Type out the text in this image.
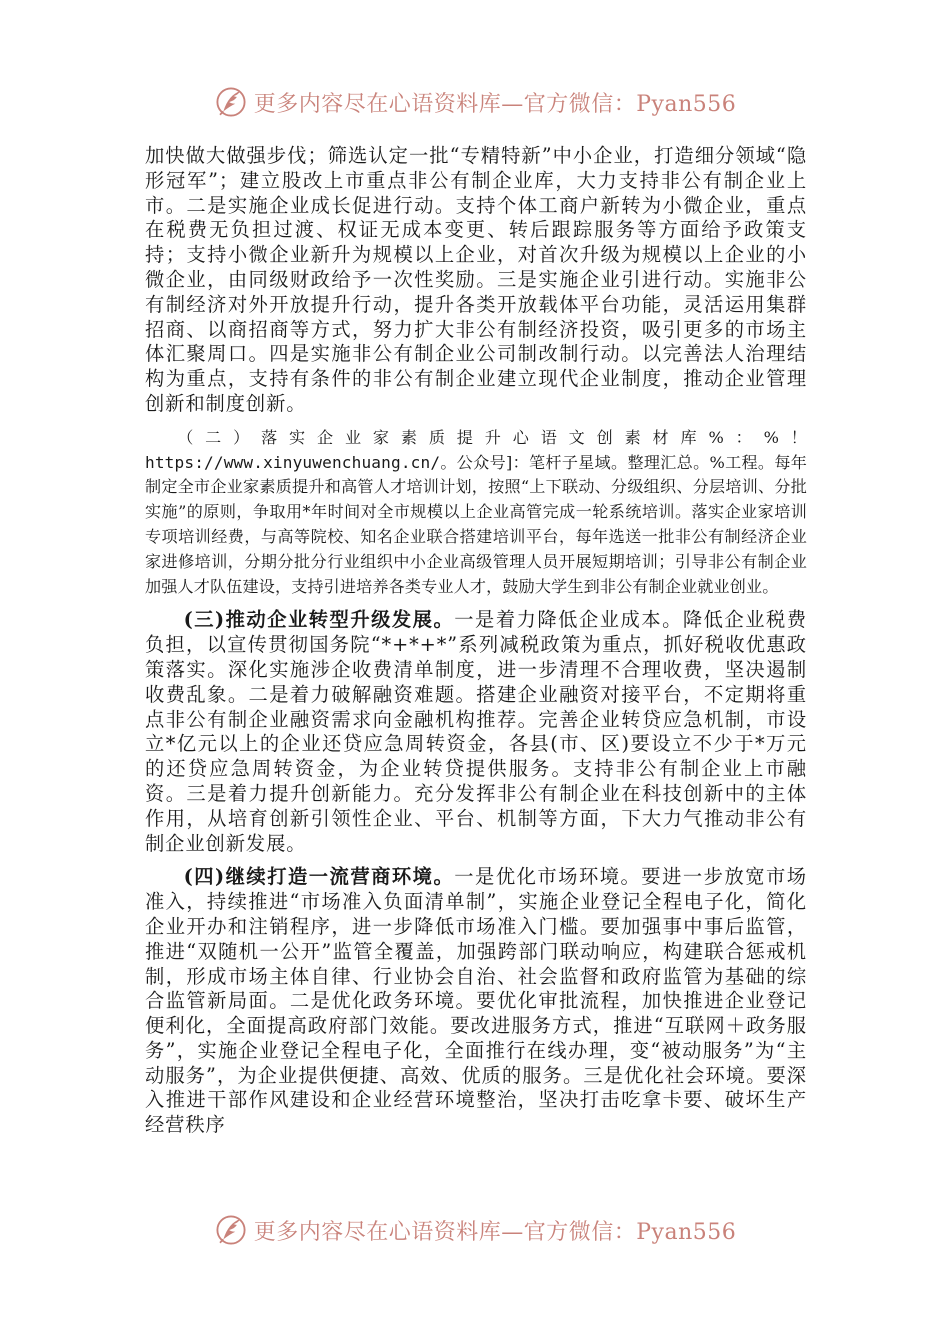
更多内容尽在心语资料库—官方微信：Pyan556

加快做大做强步伐；筛选认定一批“专精特新”中小企业，打造细分领域“隐形冠军”；建立股改上市重点非公有制企业库，大力支持非公有制企业上市。二是实施企业成长促进行动。支持个体工商户新转为小微企业，重点在税费无负担过渡、权证无成本变更、转后跟踪服务等方面给予政策支持；支持小微企业新升为规模以上企业，对首次升级为规模以上企业的小微企业，由同级财政给予一次性奖励。三是实施企业引进行动。实施非公有制经济对外开放提升行动，提升各类开放载体平台功能，灵活运用集群招商、以商招商等方式，努力扩大非公有制经济投资，吸引更多的市场主体汇聚周口。四是实施非公有制企业公司制改制行动。以完善法人治理结构为重点，支持有条件的非公有制企业建立现代企业制度，推动企业管理创新和制度创新。

（二）落实企业家素质提升心语文创素材库%：%！ https://www.xinyuwenchuang.cn/。公众号]：笔杆子星域。整理汇总。%工程。每年制定全市企业家素质提升和高管人才培训计划，按照“上下联动、分级组织、分层培训、分批实施”的原则，争取用*年时间对全市规模以上企业高管完成一轮系统培训。落实企业家培训专项培训经费，与高等院校、知名企业联合搭建培训平台，每年选送一批非公有制经济企业家进修培训，分期分批分行业组织中小企业高级管理人员开展短期培训；引导非公有制企业加强人才队伍建设，支持引进培养各类专业人才，鼓励大学生到非公有制企业就业创业。

(三)推动企业转型升级发展。一是着力降低企业成本。降低企业税费负担，以宣传贯彻国务院“*+*+*”系列减税政策为重点，抓好税收优惠政策落实。深化实施涉企收费清单制度，进一步清理不合理收费，坚决遏制收费乱象。二是着力破解融资难题。搭建企业融资对接平台，不定期将重点非公有制企业融资需求向金融机构推荐。完善企业转贷应急机制，市设立*亿元以上的企业还贷应急周转资金，各县(市、区)要设立不少于*万元的还贷应急周转资金，为企业转贷提供服务。支持非公有制企业上市融资。三是着力提升创新能力。充分发挥非公有制企业在科技创新中的主体作用，从培育创新引领性企业、平台、机制等方面，下大力气推动非公有制企业创新发展。

(四)继续打造一流营商环境。一是优化市场环境。要进一步放宽市场准入，持续推进“市场准入负面清单制”，实施企业登记全程电子化，简化企业开办和注销程序，进一步降低市场准入门槛。要加强事中事后监管，推进“双随机一公开”监管全覆盖，加强跨部门联动响应，构建联合惩戒机制，形成市场主体自律、行业协会自治、社会监督和政府监管为基础的综合监管新局面。二是优化政务环境。要优化审批流程，加快推进企业登记便利化，全面提高政府部门效能。要改进服务方式，推进“互联网＋政务服务”，实施企业登记全程电子化，全面推行在线办理，变“被动服务”为“主动服务”，为企业提供便捷、高效、优质的服务。三是优化社会环境。要深入推进干部作风建设和企业经营环境整治，坚决打击吃拿卡要、破坏生产经营秩序

更多内容尽在心语资料库—官方微信：Pyan556
